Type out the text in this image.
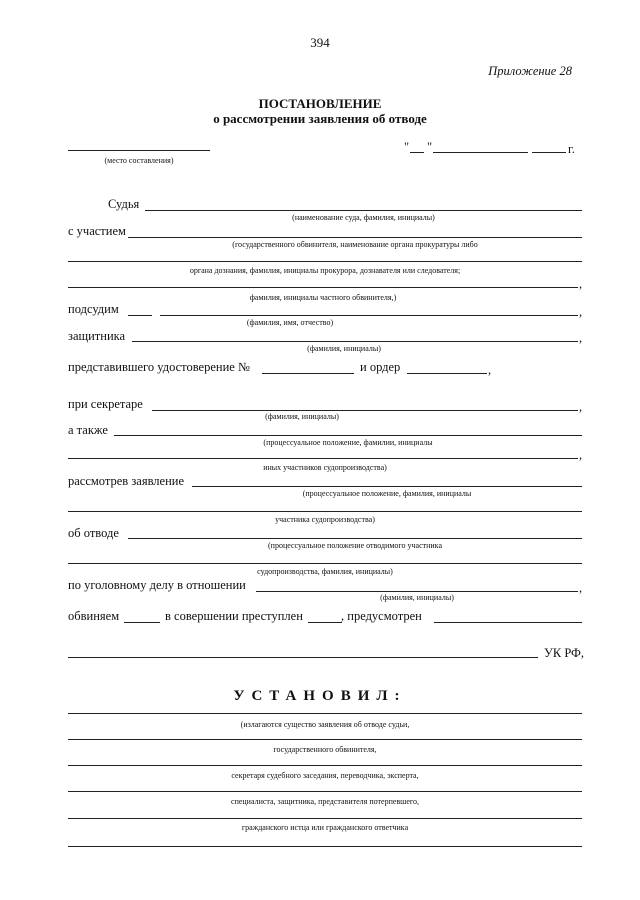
394
Приложение 28
ПОСТАНОВЛЕНИЕ
о рассмотрении заявления об отводе
(место составления)
" "	г.
Судья
(наименование суда, фамилия, инициалы)
с участием
(государственного обвинителя, наименование органа прокуратуры либо
органа дознания, фамилия, инициалы прокурора, дознавателя или следователя;
,
фамилия, инициалы частного обвинителя,)
подсудим	,
(фамилия, имя, отчество)
защитника	,
(фамилия, инициалы)
представившего удостоверение №	и ордер	,
при секретаре	,
(фамилия, инициалы)
а также
(процессуальное положение, фамилии, инициалы
,
иных участников судопроизводства)
рассмотрев заявление
(процессуальное положение, фамилия, инициалы
участника судопроизводства)
об отводе
(процессуальное положение отводимого участника
судопроизводства, фамилия, инициалы)
по уголовному делу в отношении	,
(фамилия, инициалы)
обвиняем	в совершении преступлен	, предусмотрен
УК РФ,
УСТАНОВИЛ:
(излагаются существо заявления об отводе судьи,
государственного обвинителя,
секретаря судебного заседания, переводчика, эксперта,
специалиста, защитника, представителя потерпевшего,
гражданского истца или гражданского ответчика
